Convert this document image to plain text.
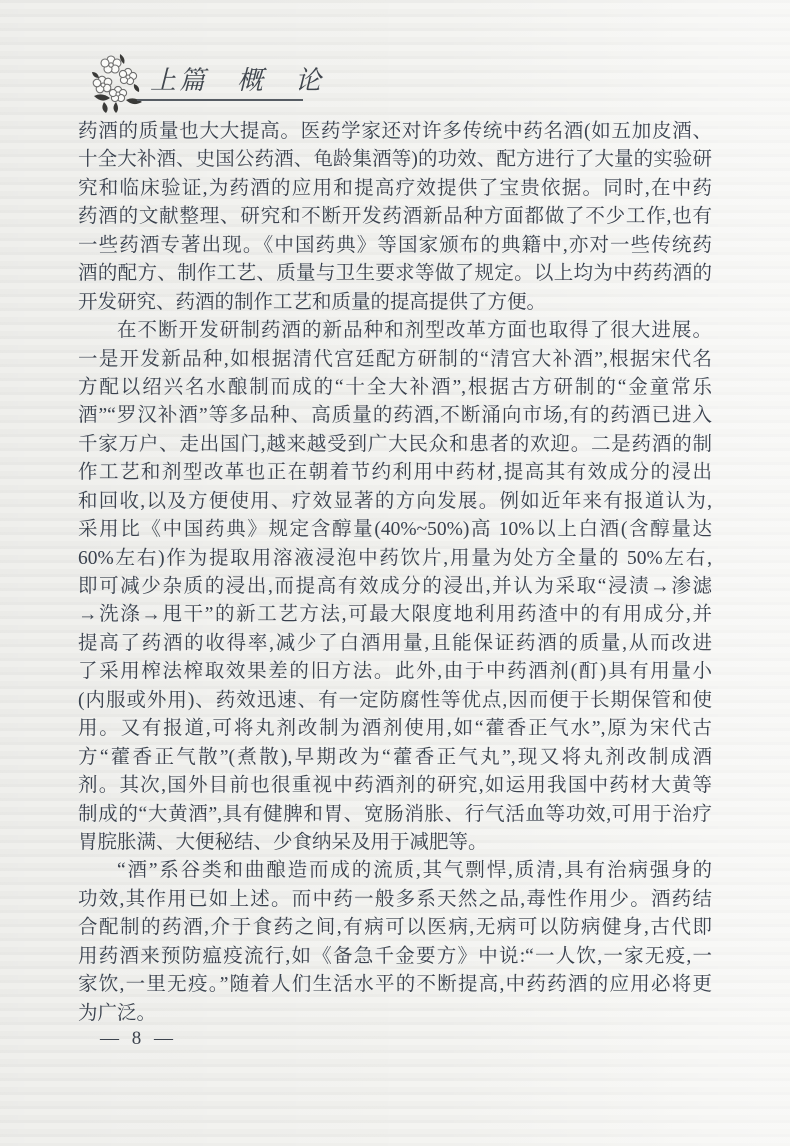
上篇　概　论
药酒的质量也大大提高。医药学家还对许多传统中药名酒(如五加皮酒、
十全大补酒、史国公药酒、龟龄集酒等)的功效、配方进行了大量的实验研
究和临床验证,为药酒的应用和提高疗效提供了宝贵依据。同时,在中药
药酒的文献整理、研究和不断开发药酒新品种方面都做了不少工作,也有
一些药酒专著出现。《中国药典》等国家颁布的典籍中,亦对一些传统药
酒的配方、制作工艺、质量与卫生要求等做了规定。以上均为中药药酒的
开发研究、药酒的制作工艺和质量的提高提供了方便。
在不断开发研制药酒的新品种和剂型改革方面也取得了很大进展。
一是开发新品种,如根据清代宫廷配方研制的“清宫大补酒”,根据宋代名
方配以绍兴名水酿制而成的“十全大补酒”,根据古方研制的“金童常乐
酒”“罗汉补酒”等多品种、高质量的药酒,不断涌向市场,有的药酒已进入
千家万户、走出国门,越来越受到广大民众和患者的欢迎。二是药酒的制
作工艺和剂型改革也正在朝着节约利用中药材,提高其有效成分的浸出
和回收,以及方便使用、疗效显著的方向发展。例如近年来有报道认为,
采用比《中国药典》规定含醇量(40%~50%)高 10%以上白酒(含醇量达
60%左右)作为提取用溶液浸泡中药饮片,用量为处方全量的 50%左右,
即可减少杂质的浸出,而提高有效成分的浸出,并认为采取“浸渍→渗滤
→洗涤→甩干”的新工艺方法,可最大限度地利用药渣中的有用成分,并
提高了药酒的收得率,减少了白酒用量,且能保证药酒的质量,从而改进
了采用榨法榨取效果差的旧方法。此外,由于中药酒剂(酊)具有用量小
(内服或外用)、药效迅速、有一定防腐性等优点,因而便于长期保管和使
用。又有报道,可将丸剂改制为酒剂使用,如“藿香正气水”,原为宋代古
方“藿香正气散”(煮散),早期改为“藿香正气丸”,现又将丸剂改制成酒
剂。其次,国外目前也很重视中药酒剂的研究,如运用我国中药材大黄等
制成的“大黄酒”,具有健脾和胃、宽肠消胀、行气活血等功效,可用于治疗
胃脘胀满、大便秘结、少食纳呆及用于减肥等。
“酒”系谷类和曲酿造而成的流质,其气剽悍,质清,具有治病强身的
功效,其作用已如上述。而中药一般多系天然之品,毒性作用少。酒药结
合配制的药酒,介于食药之间,有病可以医病,无病可以防病健身,古代即
用药酒来预防瘟疫流行,如《备急千金要方》中说:“一人饮,一家无疫,一
家饮,一里无疫。”随着人们生活水平的不断提高,中药药酒的应用必将更
为广泛。
— 8 —
